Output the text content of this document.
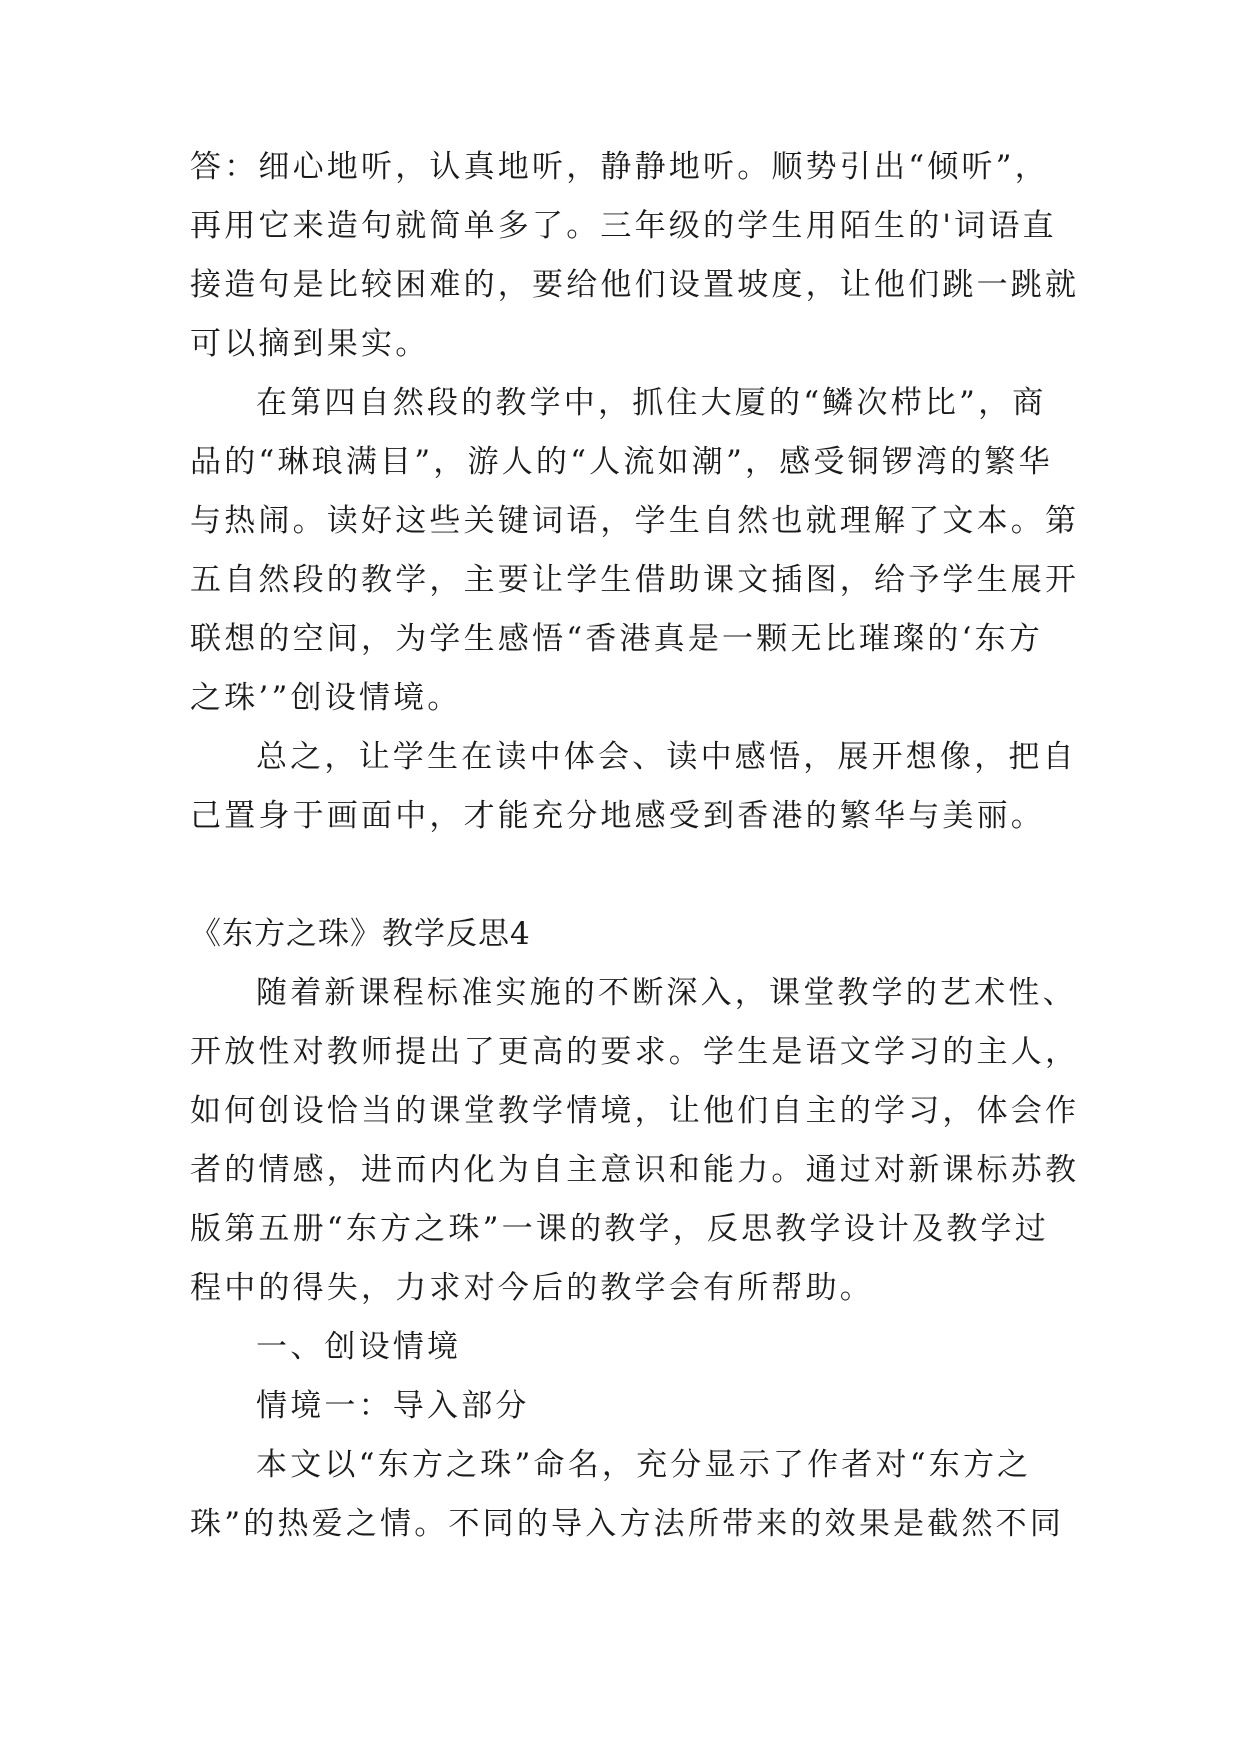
答：细心地听，认真地听，静静地听。顺势引出“倾听”，
再用它来造句就简单多了。三年级的学生用陌生的'词语直
接造句是比较困难的，要给他们设置坡度，让他们跳一跳就
可以摘到果实。
在第四自然段的教学中，抓住大厦的“鳞次栉比”，商
品的“琳琅满目”，游人的“人流如潮”，感受铜锣湾的繁华
与热闹。读好这些关键词语，学生自然也就理解了文本。第
五自然段的教学，主要让学生借助课文插图，给予学生展开
联想的空间，为学生感悟“香港真是一颗无比璀璨的‘东方
之珠’”创设情境。
总之，让学生在读中体会、读中感悟，展开想像，把自
己置身于画面中，才能充分地感受到香港的繁华与美丽。
《东方之珠》教学反思4
随着新课程标准实施的不断深入，课堂教学的艺术性、
开放性对教师提出了更高的要求。学生是语文学习的主人，
如何创设恰当的课堂教学情境，让他们自主的学习，体会作
者的情感，进而内化为自主意识和能力。通过对新课标苏教
版第五册“东方之珠”一课的教学，反思教学设计及教学过
程中的得失，力求对今后的教学会有所帮助。
一、创设情境
情境一：导入部分
本文以“东方之珠”命名，充分显示了作者对“东方之
珠”的热爱之情。不同的导入方法所带来的效果是截然不同
